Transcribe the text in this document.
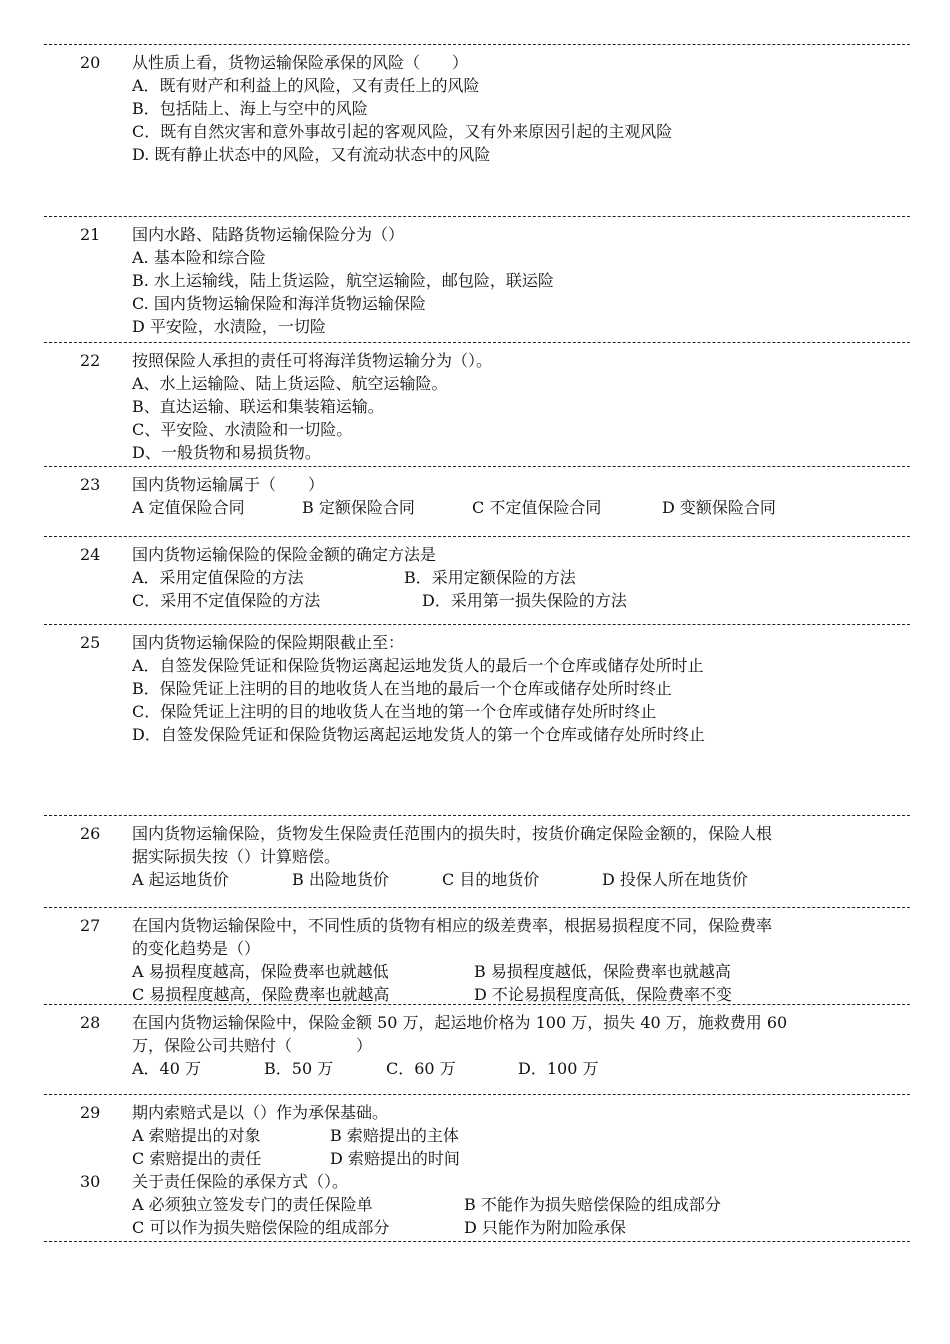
20 从性质上看，货物运输保险承保的风险（　　）
A．既有财产和利益上的风险，又有责任上的风险
B．包括陆上、海上与空中的风险
C．既有自然灾害和意外事故引起的客观风险，又有外来原因引起的主观风险
D. 既有静止状态中的风险，又有流动状态中的风险
21 国内水路、陆路货物运输保险分为（）
A. 基本险和综合险
B. 水上运输线，陆上货运险，航空运输险，邮包险，联运险
C. 国内货物运输保险和海洋货物运输保险
D 平安险，水渍险，一切险
22 按照保险人承担的责任可将海洋货物运输分为（）。
A、水上运输险、陆上货运险、航空运输险。
B、直达运输、联运和集装箱运输。
C、平安险、水渍险和一切险。
D、一般货物和易损货物。
23 国内货物运输属于（　　）
A 定值保险合同	B 定额保险合同	C 不定值保险合同	D 变额保险合同
24 国内货物运输保险的保险金额的确定方法是
A．采用定值保险的方法	B．采用定额保险的方法
C．采用不定值保险的方法	D．采用第一损失保险的方法
25 国内货物运输保险的保险期限截止至：
A．自签发保险凭证和保险货物运离起运地发货人的最后一个仓库或储存处所时止
B．保险凭证上注明的目的地收货人在当地的最后一个仓库或储存处所时终止
C．保险凭证上注明的目的地收货人在当地的第一个仓库或储存处所时终止
D．自签发保险凭证和保险货物运离起运地发货人的第一个仓库或储存处所时终止
26 国内货物运输保险，货物发生保险责任范围内的损失时，按货价确定保险金额的，保险人根
据实际损失按（）计算赔偿。
A 起运地货价	B 出险地货价	C 目的地货价	D 投保人所在地货价
27 在国内货物运输保险中，不同性质的货物有相应的级差费率，根据易损程度不同，保险费率
的变化趋势是（）
A 易损程度越高，保险费率也就越低	B 易损程度越低，保险费率也就越高
C 易损程度越高，保险费率也就越高	D 不论易损程度高低，保险费率不变
28 在国内货物运输保险中，保险金额 50 万，起运地价格为 100 万，损失 40 万，施救费用 60
万，保险公司共赔付（　　　　）
A．40 万	B．50 万	C．60 万	D．100 万
29 期内索赔式是以（）作为承保基础。
A 索赔提出的对象	B 索赔提出的主体
C 索赔提出的责任	D 索赔提出的时间
30 关于责任保险的承保方式（）。
A 必须独立签发专门的责任保险单	B 不能作为损失赔偿保险的组成部分
C 可以作为损失赔偿保险的组成部分	D 只能作为附加险承保
